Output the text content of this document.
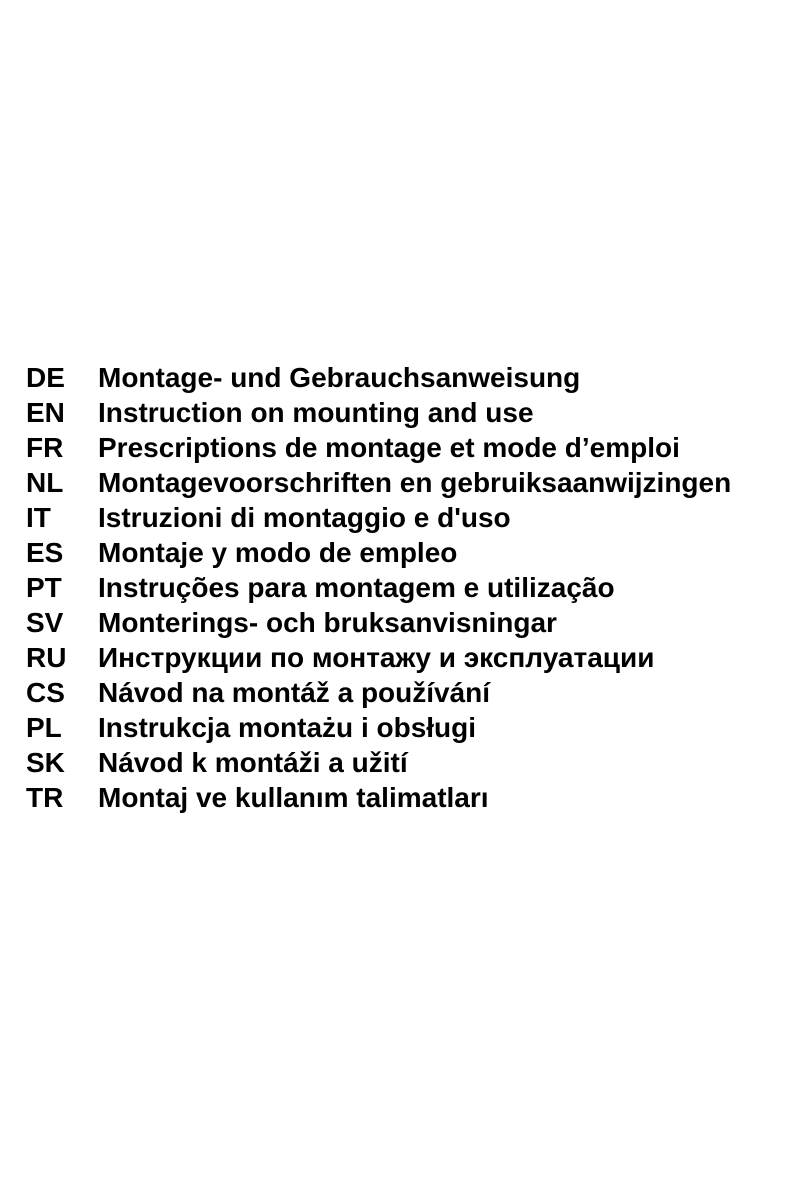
DE	Montage- und Gebrauchsanweisung
EN	Instruction on mounting and use
FR	Prescriptions de montage et mode d’emploi
NL	Montagevoorschriften en gebruiksaanwijzingen
IT	Istruzioni di montaggio e d'uso
ES	Montaje y modo de empleo
PT	Instruções para montagem e utilização
SV	Monterings- och bruksanvisningar
RU	Инструкции по монтажу и эксплуатации
CS	Návod na montáž a používání
PL	Instrukcja montażu i obsługi
SK	Návod k montáži a užití
TR	Montaj ve kullanım talimatları
